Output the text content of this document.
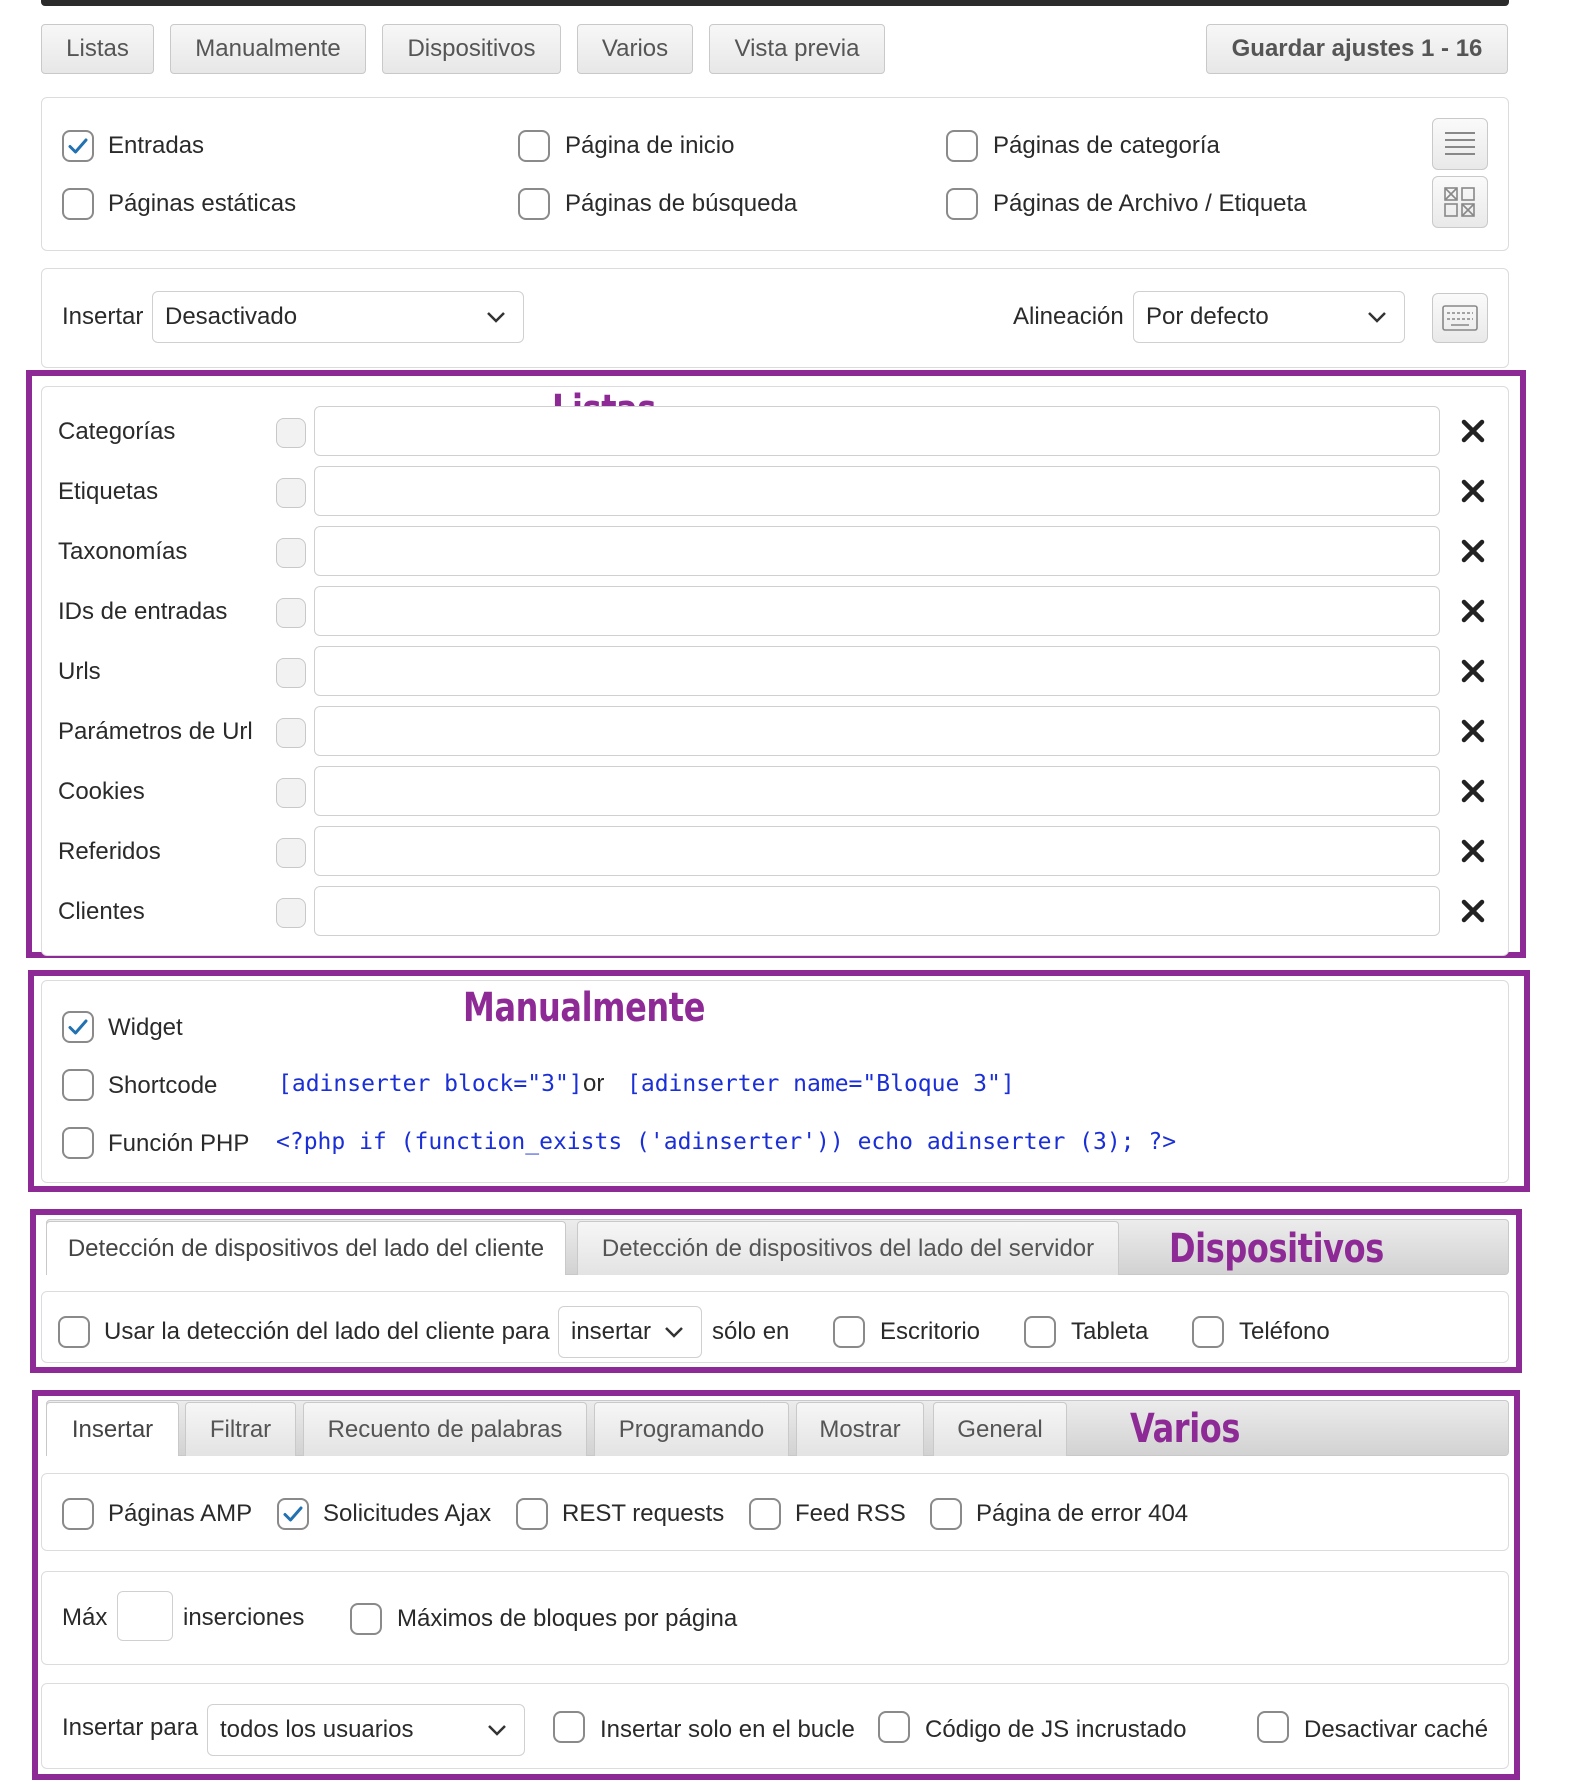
Listas	Manualmente	Dispositivos	Varios	Vista previa	Guardar ajustes 1 - 16
Entradas	Página de inicio	Páginas de categoría
Páginas estáticas	Páginas de búsqueda	Páginas de Archivo / Etiqueta
Insertar Desactivado	Alineación Por defecto
Categorías
Etiquetas
Taxonomías
IDs de entradas
Urls
Parámetros de Url
Cookies
Referidos
Clientes
Manualmente
Widget
Shortcode	[adinserter block="3"] or [adinserter name="Bloque 3"]
Función PHP <?php if (function_exists ('adinserter')) echo adinserter (3); ?>
Detección de dispositivos del lado del cliente	Detección de dispositivos del lado del servidor	Dispositivos
Usar la detección del lado del cliente para insertar	sólo en	Escritorio	Tableta	Teléfono
Insertar	Filtrar	Recuento de palabras	Programando	Mostrar	General	Varios
Páginas AMP	Solicitudes Ajax	REST requests	Feed RSS	Página de error 404
Máx	inserciones	Máximos de bloques por página
Insertar para todos los usuarios	Insertar solo en el bucle	Código de JS incrustado	Desactivar caché
